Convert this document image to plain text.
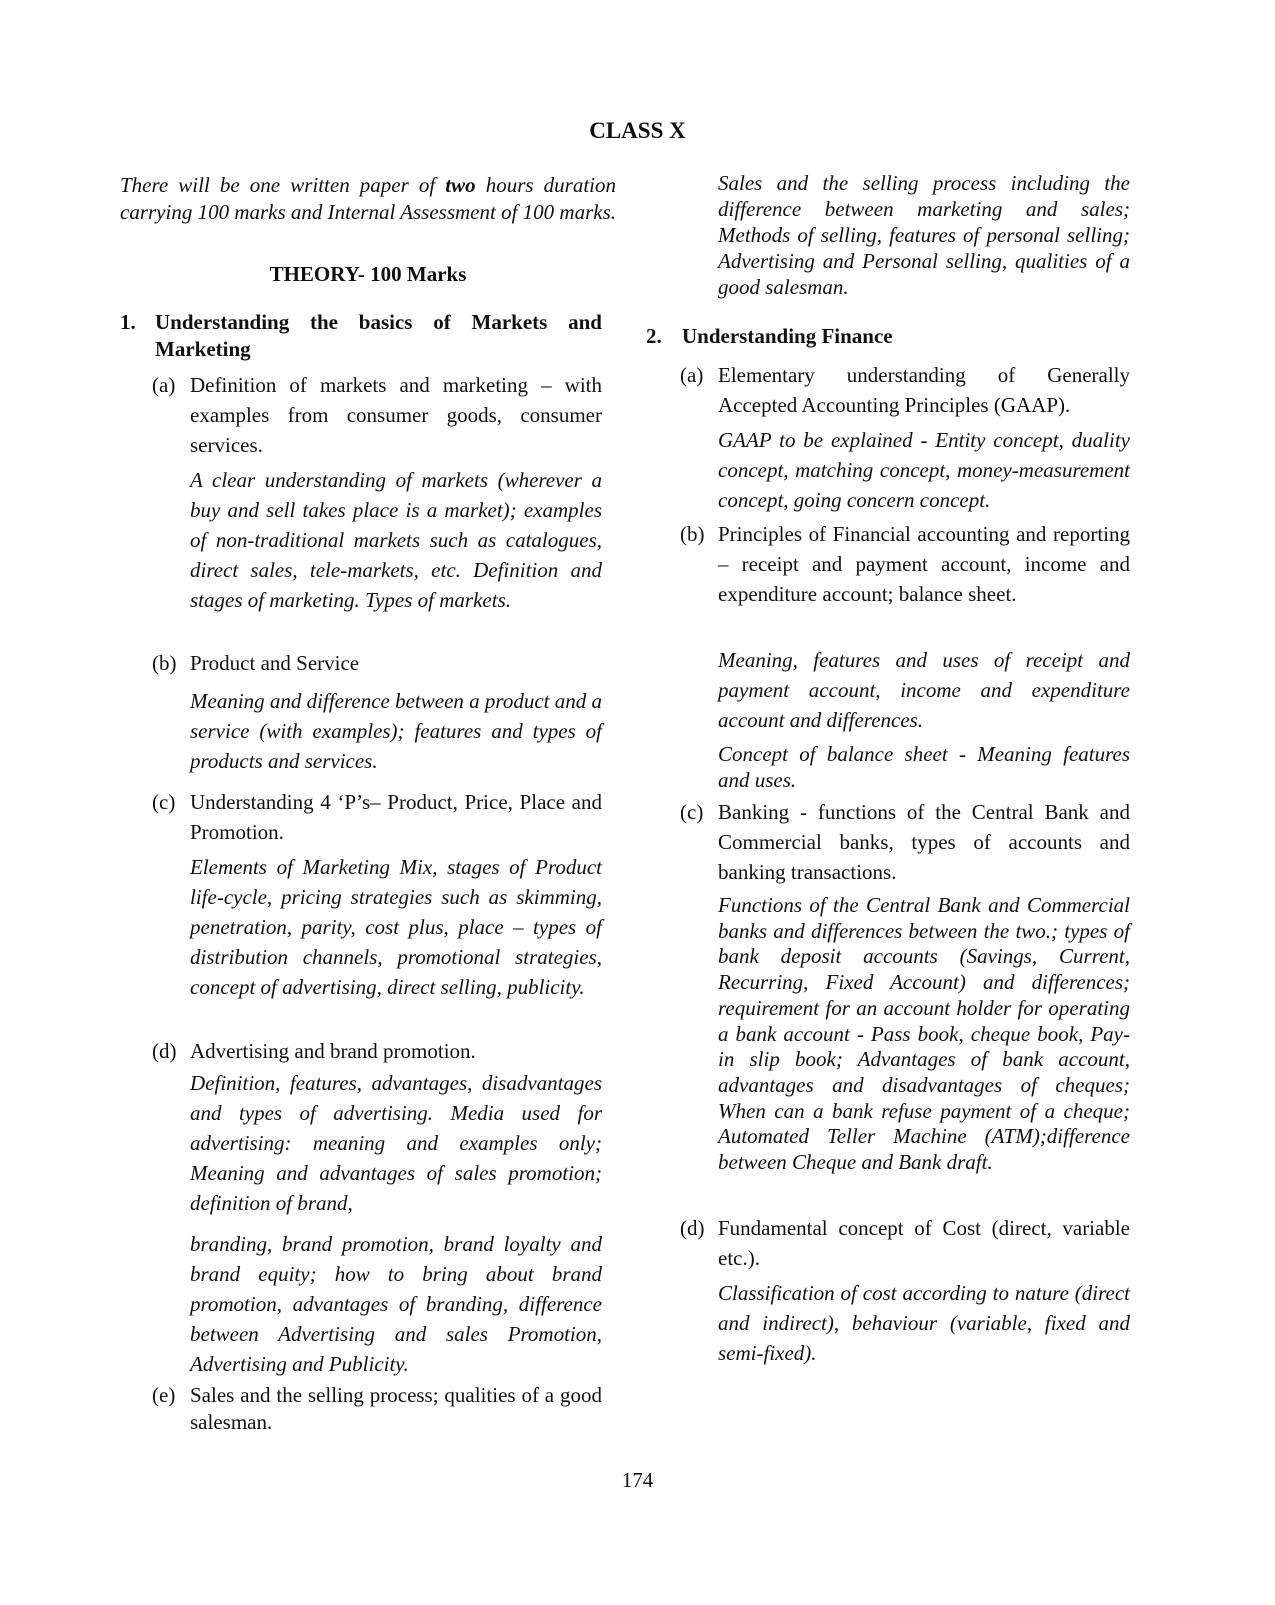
CLASS X
There will be one written paper of two hours duration carrying 100 marks and Internal Assessment of 100 marks.
THEORY- 100 Marks
1. Understanding the basics of Markets and Marketing
(a) Definition of markets and marketing – with examples from consumer goods, consumer services.
A clear understanding of markets (wherever a buy and sell takes place is a market); examples of non-traditional markets such as catalogues, direct sales, tele-markets, etc. Definition and stages of marketing. Types of markets.
(b) Product and Service
Meaning and difference between a product and a service (with examples); features and types of products and services.
(c) Understanding 4 ‘P’s– Product, Price, Place and Promotion.
Elements of Marketing Mix, stages of Product life-cycle, pricing strategies such as skimming, penetration, parity, cost plus, place – types of distribution channels, promotional strategies, concept of advertising, direct selling, publicity.
(d) Advertising and brand promotion.
Definition, features, advantages, disadvantages and types of advertising. Media used for advertising: meaning and examples only; Meaning and advantages of sales promotion; definition of brand,
branding, brand promotion, brand loyalty and brand equity; how to bring about brand promotion, advantages of branding, difference between Advertising and sales Promotion, Advertising and Publicity.
(e) Sales and the selling process; qualities of a good salesman.
Sales and the selling process including the difference between marketing and sales; Methods of selling, features of personal selling; Advertising and Personal selling, qualities of a good salesman.
2. Understanding Finance
(a) Elementary understanding of Generally Accepted Accounting Principles (GAAP).
GAAP to be explained - Entity concept, duality concept, matching concept, money-measurement concept, going concern concept.
(b) Principles of Financial accounting and reporting – receipt and payment account, income and expenditure account; balance sheet.
Meaning, features and uses of receipt and payment account, income and expenditure account and differences.
Concept of balance sheet - Meaning features and uses.
(c) Banking - functions of the Central Bank and Commercial banks, types of accounts and banking transactions.
Functions of the Central Bank and Commercial banks and differences between the two.; types of bank deposit accounts (Savings, Current, Recurring, Fixed Account) and differences; requirement for an account holder for operating a bank account - Pass book, cheque book, Pay-in slip book; Advantages of bank account, advantages and disadvantages of cheques; When can a bank refuse payment of a cheque; Automated Teller Machine (ATM);difference between Cheque and Bank draft.
(d) Fundamental concept of Cost (direct, variable etc.).
Classification of cost according to nature (direct and indirect), behaviour (variable, fixed and semi-fixed).
174
